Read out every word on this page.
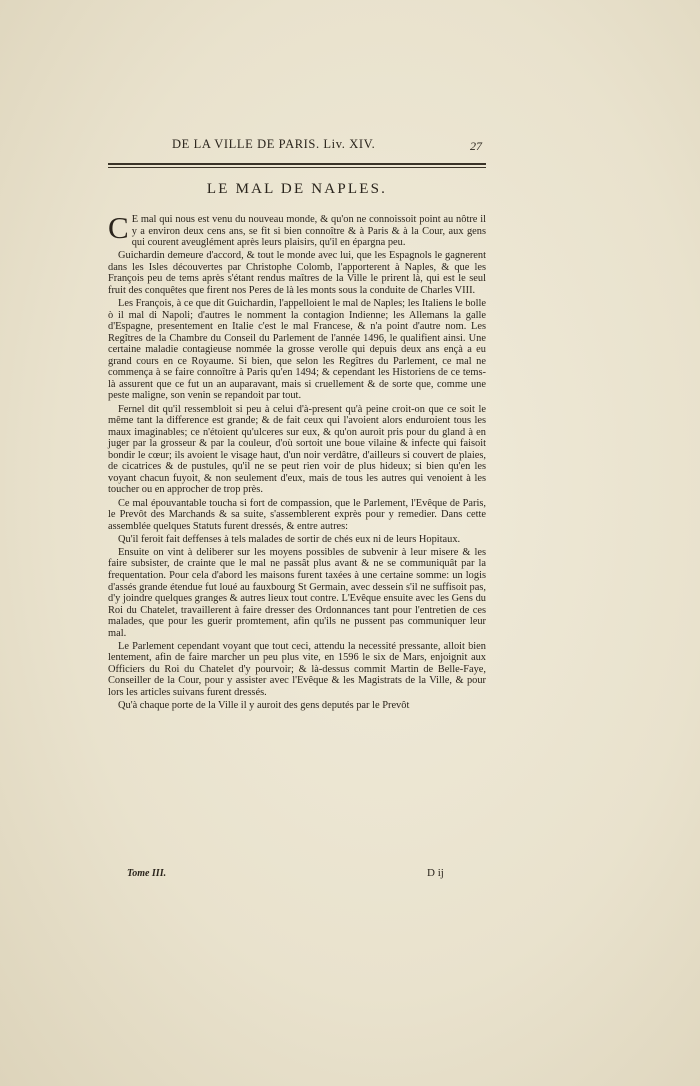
DE LA VILLE DE PARIS. Liv. XIV.	27
LE MAL DE NAPLES.

C E mal qui nous est venu du nouveau monde, & qu'on ne connoissoit point au nôtre il y a environ deux cens ans, se fit si bien connoître & à Paris & à la Cour, aux gens qui courent aveuglément après leurs plaisirs, qu'il en épargna peu.

Guichardin demeure d'accord, & tout le monde avec lui, que les Espagnols le gagnerent dans les Isles découvertes par Christophe Colomb, l'apporterent à Naples, & que les François peu de tems après s'étant rendus maîtres de la Ville le prirent là, qui est le seul fruit des conquêtes que firent nos Peres de là les monts sous la conduite de Charles VIII.

Les François, à ce que dit Guichardin, l'appelloient le mal de Naples; les Italiens le bolle ò il mal di Napoli; d'autres le nomment la contagion Indienne; les Allemans la galle d'Espagne, presentement en Italie c'est le mal Francese, & n'a point d'autre nom. Les Regîtres de la Chambre du Conseil du Parlement de l'année 1496, le qualifient ainsi. Une certaine maladie contagieuse nommée la grosse verolle qui depuis deux ans ençà a eu grand cours en ce Royaume. Si bien, que selon les Regîtres du Parlement, ce mal ne commença à se faire connoître à Paris qu'en 1494; & cependant les Historiens de ce tems-là assurent que ce fut un an auparavant, mais si cruellement & de sorte que, comme une peste maligne, son venin se repandoit par tout.

Fernel dit qu'il ressembloit si peu à celui d'à-present qu'à peine croit-on que ce soit le même tant la difference est grande; & de fait ceux qui l'avoient alors enduroient tous les maux imaginables; ce n'étoient qu'ulceres sur eux, & qu'on auroit pris pour du gland à en juger par la grosseur & par la couleur, d'où sortoit une boue vilaine & infecte qui faisoit bondir le cœur; ils avoient le visage haut, d'un noir verdâtre, d'ailleurs si couvert de plaies, de cicatrices & de pustules, qu'il ne se peut rien voir de plus hideux; si bien qu'en les voyant chacun fuyoit, & non seulement d'eux, mais de tous les autres qui venoient à les toucher ou en approcher de trop près.

Ce mal épouvantable toucha si fort de compassion, que le Parlement, l'Evêque de Paris, le Prevôt des Marchands & sa suite, s'assemblerent exprès pour y remedier. Dans cette assemblée quelques Statuts furent dressés, & entre autres:

Qu'il feroit fait deffenses à tels malades de sortir de chés eux ni de leurs Hopitaux.

Ensuite on vint à deliberer sur les moyens possibles de subvenir à leur misere & les faire subsister, de crainte que le mal ne passât plus avant & ne se communiquât par la frequentation. Pour cela d'abord les maisons furent taxées à une certaine somme: un logis d'assés grande étendue fut loué au fauxbourg St Germain, avec dessein s'il ne suffisoit pas, d'y joindre quelques granges & autres lieux tout contre. L'Evêque ensuite avec les Gens du Roi du Chatelet, travaillerent à faire dresser des Ordonnances tant pour l'entretien de ces malades, que pour les guerir promtement, afin qu'ils ne pussent pas communiquer leur mal.

Le Parlement cependant voyant que tout ceci, attendu la necessité pressante, alloit bien lentement, afin de faire marcher un peu plus vite, en 1596 le six de Mars, enjoignit aux Officiers du Roi du Chatelet d'y pourvoir; & là-dessus commit Martin de Belle-Faye, Conseiller de la Cour, pour y assister avec l'Evêque & les Magistrats de la Ville, & pour lors les articles suivans furent dressés.

Qu'à chaque porte de la Ville il y auroit des gens deputés par le Prevôt

Tome III.	D ij
